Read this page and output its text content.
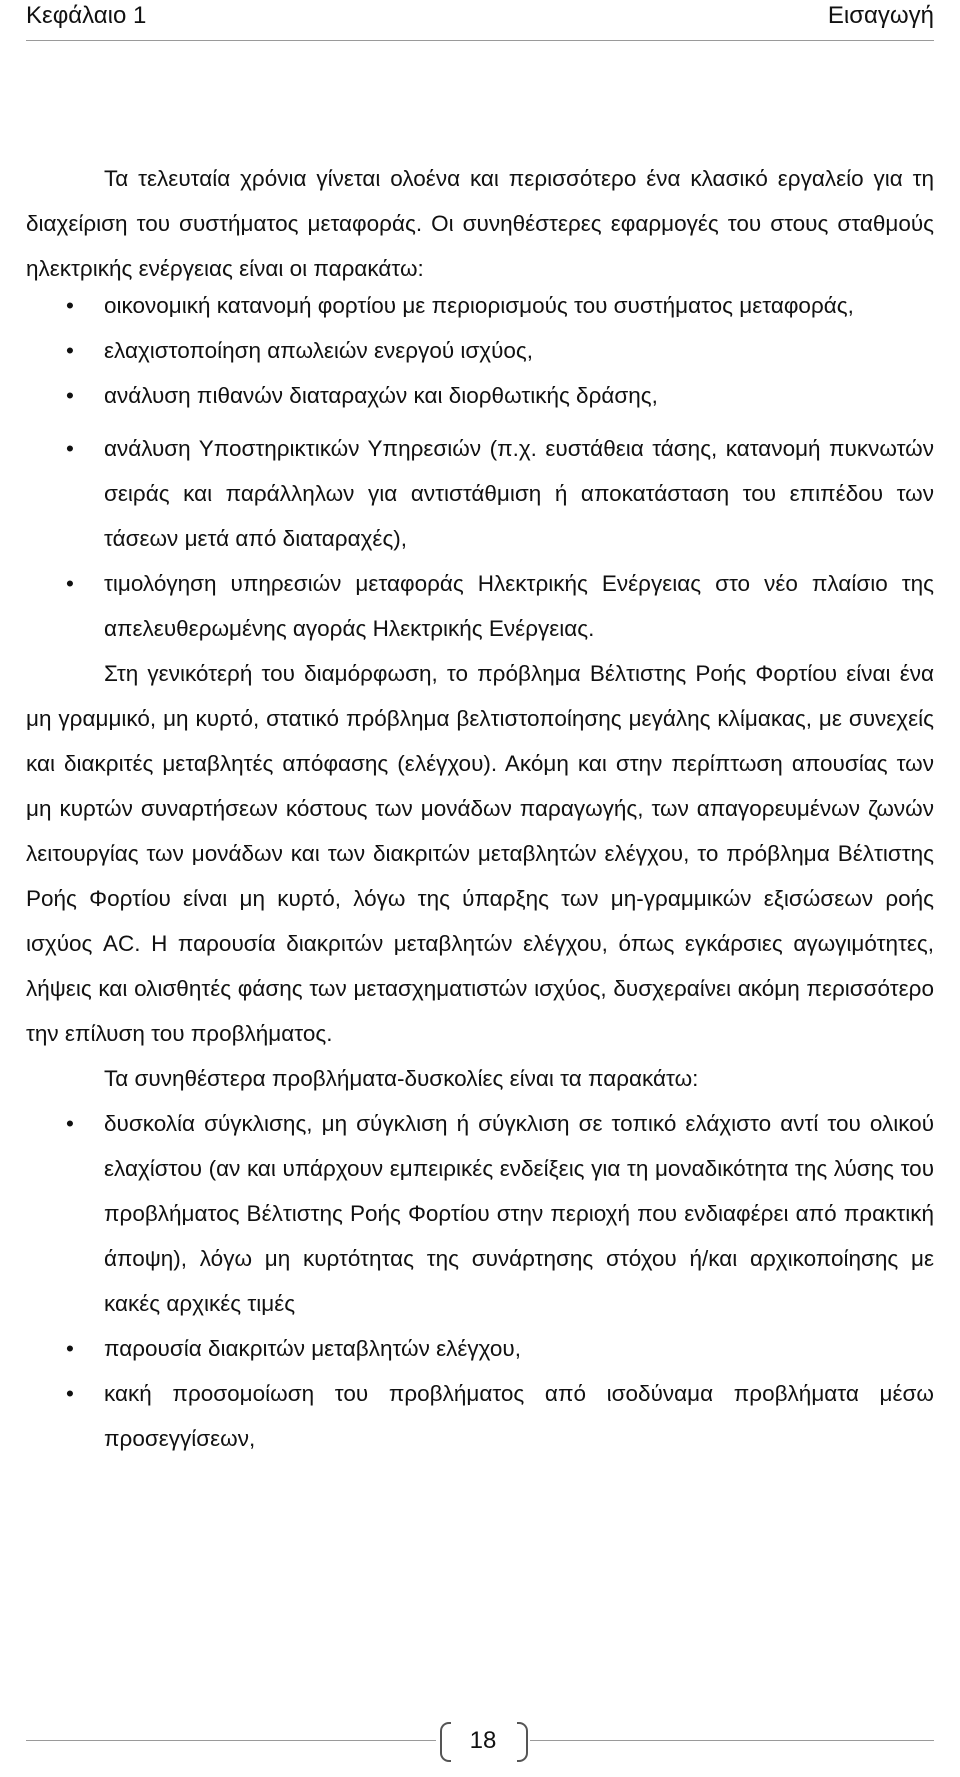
Κεφάλαιο 1	Εισαγωγή

Τα τελευταία χρόνια γίνεται ολοένα και περισσότερο ένα κλασικό εργαλείο για τη διαχείριση του συστήματος μεταφοράς. Οι συνηθέστερες εφαρμογές του στους σταθμούς ηλεκτρικής ενέργειας είναι οι παρακάτω:

• οικονομική κατανομή φορτίου με περιορισμούς του συστήματος μεταφοράς,
• ελαχιστοποίηση απωλειών ενεργού ισχύος,
• ανάλυση πιθανών διαταραχών και διορθωτικής δράσης,
• ανάλυση Υποστηρικτικών Υπηρεσιών (π.χ. ευστάθεια τάσης, κατανομή πυκνωτών σειράς και παράλληλων για αντιστάθμιση ή αποκατάσταση του επιπέδου των τάσεων μετά από διαταραχές),
• τιμολόγηση υπηρεσιών μεταφοράς Ηλεκτρικής Ενέργειας στο νέο πλαίσιο της απελευθερωμένης αγοράς Ηλεκτρικής Ενέργειας.

Στη γενικότερή του διαμόρφωση, το πρόβλημα Βέλτιστης Ροής Φορτίου είναι ένα μη γραμμικό, μη κυρτό, στατικό πρόβλημα βελτιστοποίησης μεγάλης κλίμακας, με συνεχείς και διακριτές μεταβλητές απόφασης (ελέγχου). Ακόμη και στην περίπτωση απουσίας των μη κυρτών συναρτήσεων κόστους των μονάδων παραγωγής, των απαγορευμένων ζωνών λειτουργίας των μονάδων και των διακριτών μεταβλητών ελέγχου, το πρόβλημα Βέλτιστης Ροής Φορτίου είναι μη κυρτό, λόγω της ύπαρξης των μη-γραμμικών εξισώσεων ροής ισχύος AC. Η παρουσία διακριτών μεταβλητών ελέγχου, όπως εγκάρσιες αγωγιμότητες, λήψεις και ολισθητές φάσης των μετασχηματιστών ισχύος, δυσχεραίνει ακόμη περισσότερο την επίλυση του προβλήματος.

Τα συνηθέστερα προβλήματα-δυσκολίες είναι τα παρακάτω:

• δυσκολία σύγκλισης, μη σύγκλιση ή σύγκλιση σε τοπικό ελάχιστο αντί του ολικού ελαχίστου (αν και υπάρχουν εμπειρικές ενδείξεις για τη μοναδικότητα της λύσης του προβλήματος Βέλτιστης Ροής Φορτίου στην περιοχή που ενδιαφέρει από πρακτική άποψη), λόγω μη κυρτότητας της συνάρτησης στόχου ή/και αρχικοποίησης με κακές αρχικές τιμές
• παρουσία διακριτών μεταβλητών ελέγχου,
• κακή προσομοίωση του προβλήματος από ισοδύναμα προβλήματα μέσω προσεγγίσεων,
18
